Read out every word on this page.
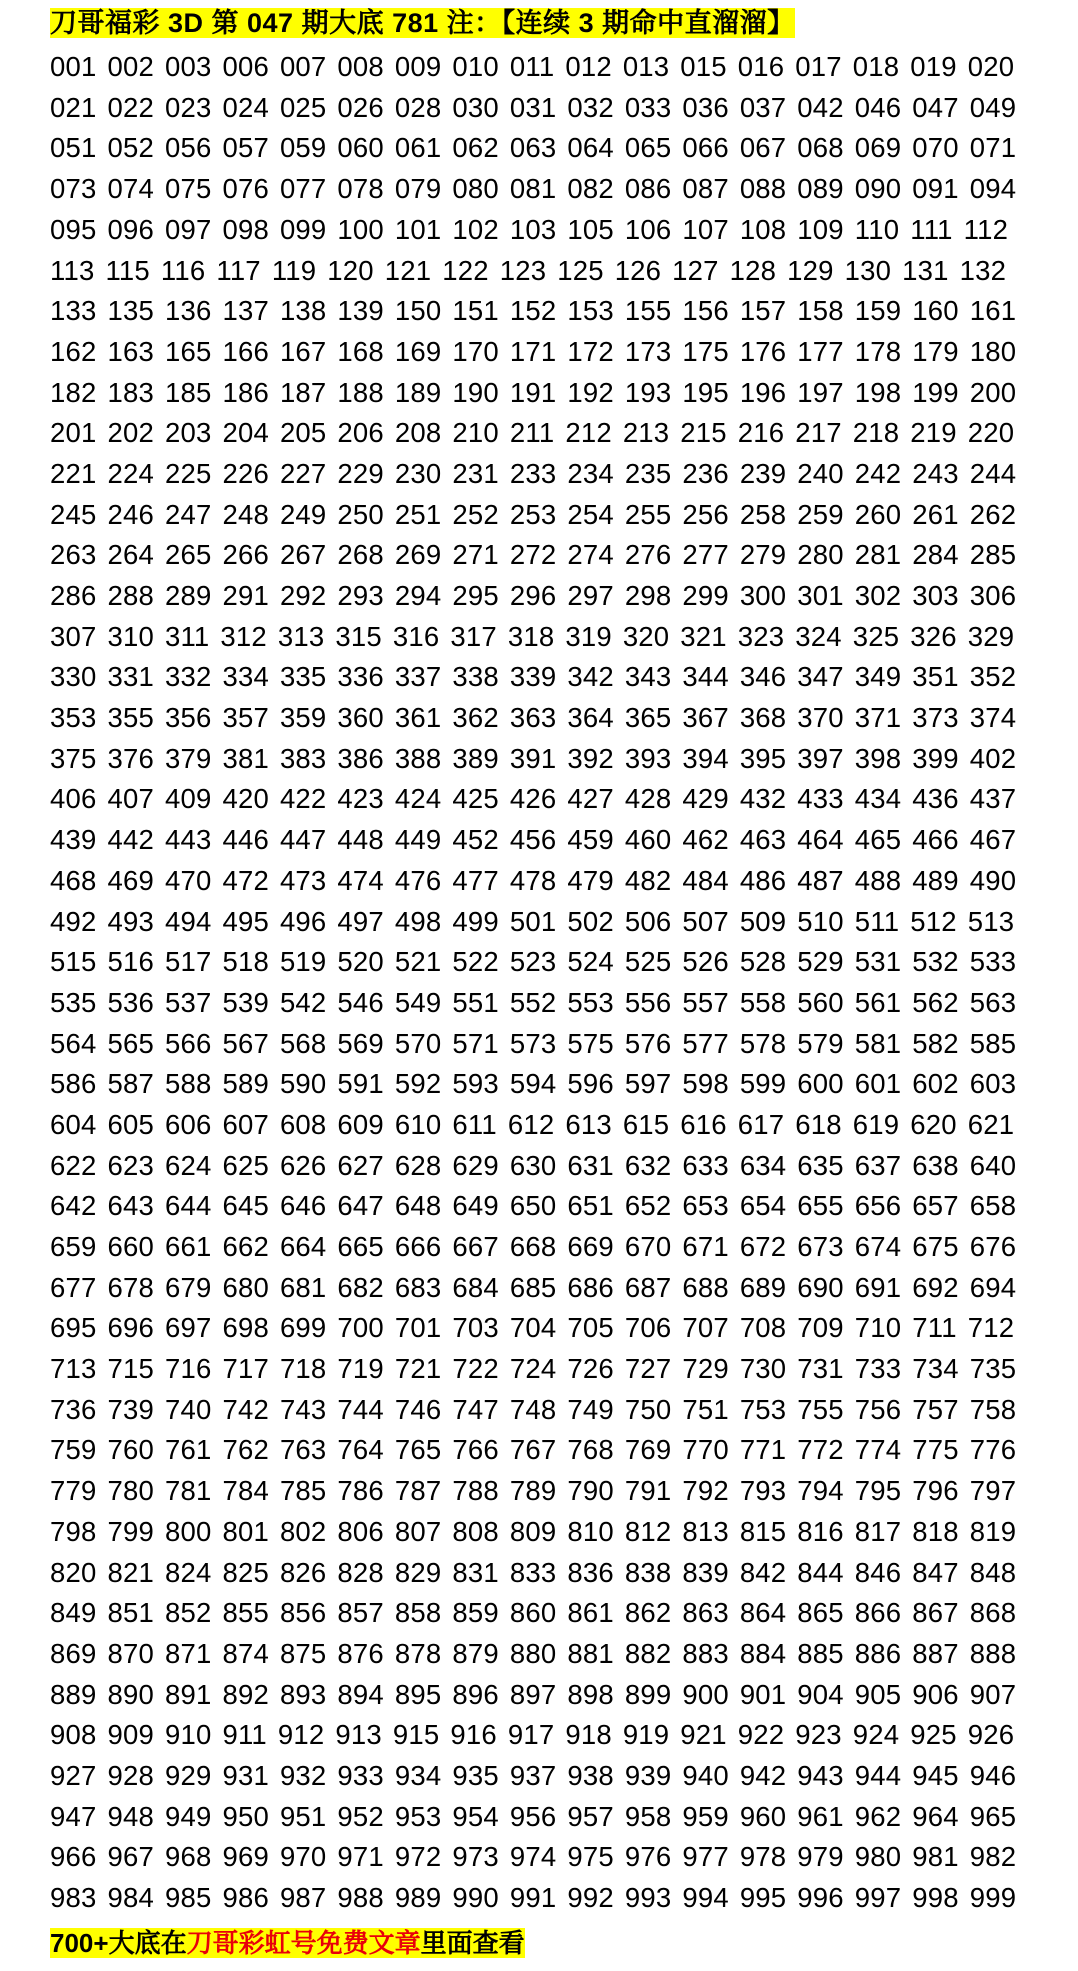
刀哥福彩 3D 第 047 期大底 781 注：【连续 3 期命中直溜溜】
001 002 003 006 007 008 009 010 011 012 013 015 016 017 018 019 020021 022 023 024 025 026 028 030 031 032 033 036 037 042 046 047 049051 052 056 057 059 060 061 062 063 064 065 066 067 068 069 070 071073 074 075 076 077 078 079 080 081 082 086 087 088 089 090 091 094095 096 097 098 099 100 101 102 103 105 106 107 108 109 110 111 112113 115 116 117 119 120 121 122 123 125 126 127 128 129 130 131 132133 135 136 137 138 139 150 151 152 153 155 156 157 158 159 160 161162 163 165 166 167 168 169 170 171 172 173 175 176 177 178 179 180182 183 185 186 187 188 189 190 191 192 193 195 196 197 198 199 200201 202 203 204 205 206 208 210 211 212 213 215 216 217 218 219 220221 224 225 226 227 229 230 231 233 234 235 236 239 240 242 243 244245 246 247 248 249 250 251 252 253 254 255 256 258 259 260 261 262263 264 265 266 267 268 269 271 272 274 276 277 279 280 281 284 285286 288 289 291 292 293 294 295 296 297 298 299 300 301 302 303 306307 310 311 312 313 315 316 317 318 319 320 321 323 324 325 326 329330 331 332 334 335 336 337 338 339 342 343 344 346 347 349 351 352353 355 356 357 359 360 361 362 363 364 365 367 368 370 371 373 374375 376 379 381 383 386 388 389 391 392 393 394 395 397 398 399 402406 407 409 420 422 423 424 425 426 427 428 429 432 433 434 436 437439 442 443 446 447 448 449 452 456 459 460 462 463 464 465 466 467468 469 470 472 473 474 476 477 478 479 482 484 486 487 488 489 490492 493 494 495 496 497 498 499 501 502 506 507 509 510 511 512 513515 516 517 518 519 520 521 522 523 524 525 526 528 529 531 532 533535 536 537 539 542 546 549 551 552 553 556 557 558 560 561 562 563564 565 566 567 568 569 570 571 573 575 576 577 578 579 581 582 585586 587 588 589 590 591 592 593 594 596 597 598 599 600 601 602 603604 605 606 607 608 609 610 611 612 613 615 616 617 618 619 620 621622 623 624 625 626 627 628 629 630 631 632 633 634 635 637 638 640642 643 644 645 646 647 648 649 650 651 652 653 654 655 656 657 658659 660 661 662 664 665 666 667 668 669 670 671 672 673 674 675 676677 678 679 680 681 682 683 684 685 686 687 688 689 690 691 692 694695 696 697 698 699 700 701 703 704 705 706 707 708 709 710 711 712713 715 716 717 718 719 721 722 724 726 727 729 730 731 733 734 735736 739 740 742 743 744 746 747 748 749 750 751 753 755 756 757 758759 760 761 762 763 764 765 766 767 768 769 770 771 772 774 775 776779 780 781 784 785 786 787 788 789 790 791 792 793 794 795 796 797798 799 800 801 802 806 807 808 809 810 812 813 815 816 817 818 819820 821 824 825 826 828 829 831 833 836 838 839 842 844 846 847 848849 851 852 855 856 857 858 859 860 861 862 863 864 865 866 867 868869 870 871 874 875 876 878 879 880 881 882 883 884 885 886 887 888889 890 891 892 893 894 895 896 897 898 899 900 901 904 905 906 907908 909 910 911 912 913 915 916 917 918 919 921 922 923 924 925 926927 928 929 931 932 933 934 935 937 938 939 940 942 943 944 945 946947 948 949 950 951 952 953 954 956 957 958 959 960 961 962 964 965966 967 968 969 970 971 972 973 974 975 976 977 978 979 980 981 982983 984 985 986 987 988 989 990 991 992 993 994 995 996 997 998 999
700+大底在刀哥彩虹号免费文章里面查看
